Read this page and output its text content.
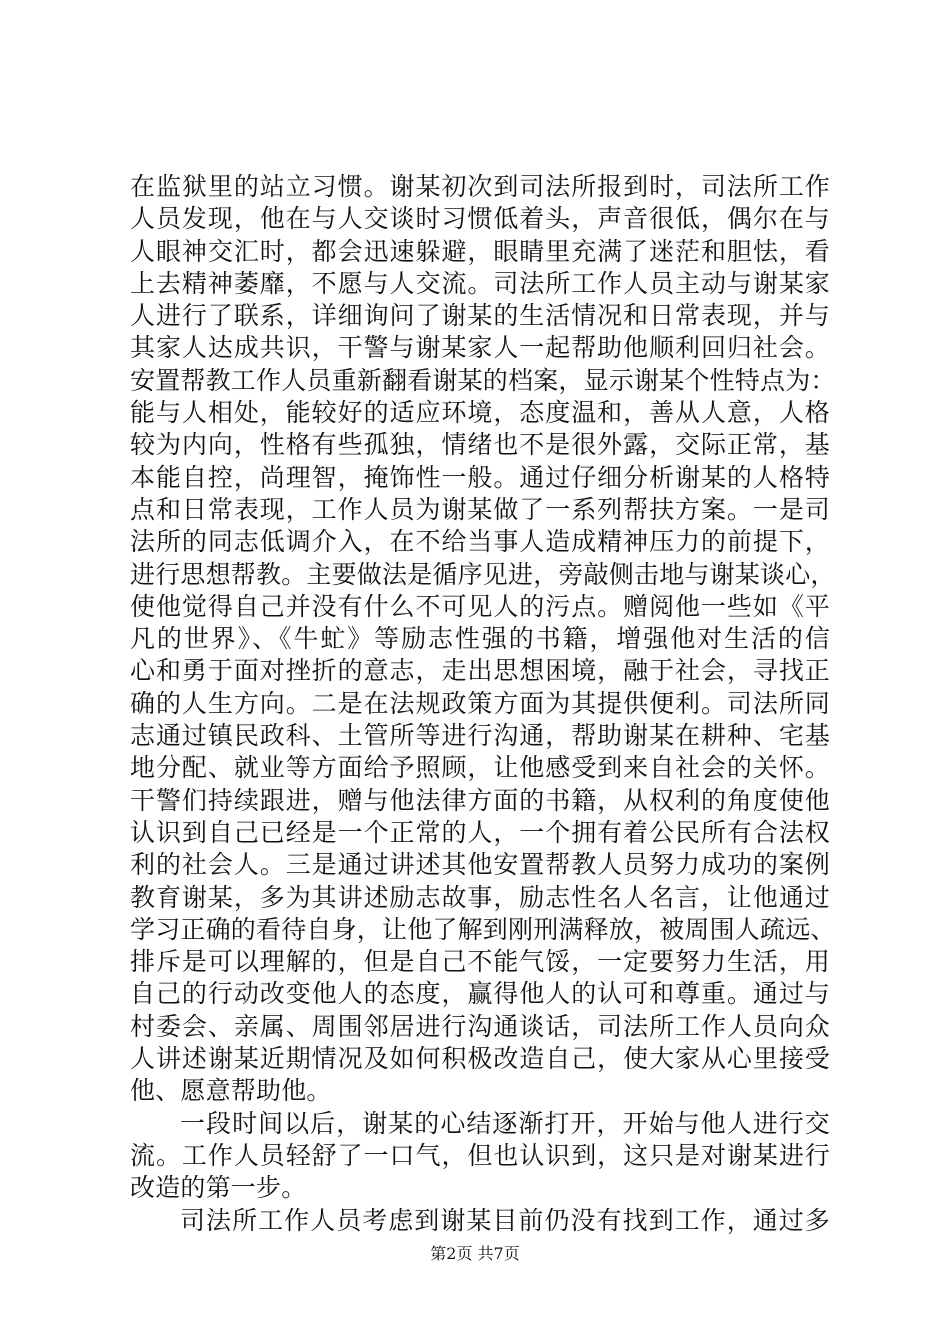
在监狱里的站立习惯。谢某初次到司法所报到时，司法所工作
人员发现，他在与人交谈时习惯低着头，声音很低，偶尔在与
人眼神交汇时，都会迅速躲避，眼睛里充满了迷茫和胆怯，看
上去精神萎靡，不愿与人交流。司法所工作人员主动与谢某家
人进行了联系，详细询问了谢某的生活情况和日常表现，并与
其家人达成共识，干警与谢某家人一起帮助他顺利回归社会。
安置帮教工作人员重新翻看谢某的档案，显示谢某个性特点为：
能与人相处，能较好的适应环境，态度温和，善从人意，人格
较为内向，性格有些孤独，情绪也不是很外露，交际正常，基
本能自控，尚理智，掩饰性一般。通过仔细分析谢某的人格特
点和日常表现，工作人员为谢某做了一系列帮扶方案。一是司
法所的同志低调介入，在不给当事人造成精神压力的前提下，
进行思想帮教。主要做法是循序见进，旁敲侧击地与谢某谈心，
使他觉得自己并没有什么不可见人的污点。赠阅他一些如《平
凡的世界》、《牛虻》等励志性强的书籍，增强他对生活的信
心和勇于面对挫折的意志，走出思想困境，融于社会，寻找正
确的人生方向。二是在法规政策方面为其提供便利。司法所同
志通过镇民政科、土管所等进行沟通，帮助谢某在耕种、宅基
地分配、就业等方面给予照顾，让他感受到来自社会的关怀。
干警们持续跟进，赠与他法律方面的书籍，从权利的角度使他
认识到自己已经是一个正常的人，一个拥有着公民所有合法权
利的社会人。三是通过讲述其他安置帮教人员努力成功的案例
教育谢某，多为其讲述励志故事，励志性名人名言，让他通过
学习正确的看待自身，让他了解到刚刑满释放，被周围人疏远、
排斥是可以理解的，但是自己不能气馁，一定要努力生活，用
自己的行动改变他人的态度，赢得他人的认可和尊重。通过与
村委会、亲属、周围邻居进行沟通谈话，司法所工作人员向众
人讲述谢某近期情况及如何积极改造自己，使大家从心里接受
他、愿意帮助他。
一段时间以后，谢某的心结逐渐打开，开始与他人进行交
流。工作人员轻舒了一口气，但也认识到，这只是对谢某进行
改造的第一步。
司法所工作人员考虑到谢某目前仍没有找到工作，通过多
第2页 共7页
